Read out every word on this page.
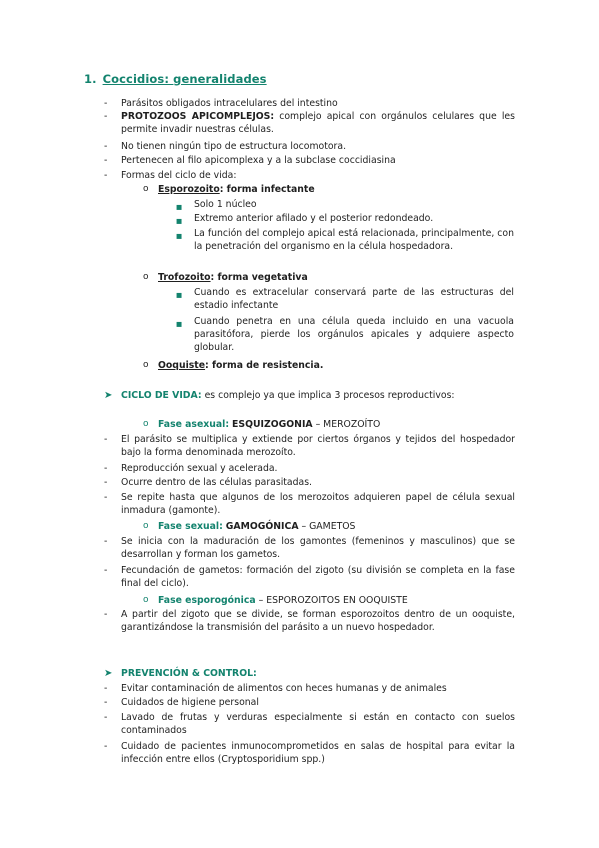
1. Coccidios: generalidades
- Parásitos obligados intracelulares del intestino
- PROTOZOOS APICOMPLEJOS: complejo apical con orgánulos celulares que les permite invadir nuestras células.
- No tienen ningún tipo de estructura locomotora.
- Pertenecen al filo apicomplexa y a la subclase coccidiasina
- Formas del ciclo de vida:
o Esporozoito: forma infectante
■ Solo 1 núcleo
■ Extremo anterior afilado y el posterior redondeado.
■ La función del complejo apical está relacionada, principalmente, con la penetración del organismo en la célula hospedadora.
o Trofozoito: forma vegetativa
■ Cuando es extracelular conservará parte de las estructuras del estadio infectante
■ Cuando penetra en una célula queda incluido en una vacuola parasitófora, pierde los orgánulos apicales y adquiere aspecto globular.
o Ooquiste: forma de resistencia.
➤ CICLO DE VIDA: es complejo ya que implica 3 procesos reproductivos:
o Fase asexual: ESQUIZOGONIA – MEROZOÍTO
- El parásito se multiplica y extiende por ciertos órganos y tejidos del hospedador bajo la forma denominada merozoíto.
- Reproducción sexual y acelerada.
- Ocurre dentro de las células parasitadas.
- Se repite hasta que algunos de los merozoitos adquieren papel de célula sexual inmadura (gamonte).
o Fase sexual: GAMOGÓNICA – GAMETOS
- Se inicia con la maduración de los gamontes (femeninos y masculinos) que se desarrollan y forman los gametos.
- Fecundación de gametos: formación del zigoto (su división se completa en la fase final del ciclo).
o Fase esporogónica – ESPOROZOITOS EN OOQUISTE
- A partir del zigoto que se divide, se forman esporozoitos dentro de un ooquiste, garantizándose la transmisión del parásito a un nuevo hospedador.
➤ PREVENCIÓN & CONTROL:
- Evitar contaminación de alimentos con heces humanas y de animales
- Cuidados de higiene personal
- Lavado de frutas y verduras especialmente si están en contacto con suelos contaminados
- Cuidado de pacientes inmunocomprometidos en salas de hospital para evitar la infección entre ellos (Cryptosporidium spp.)
